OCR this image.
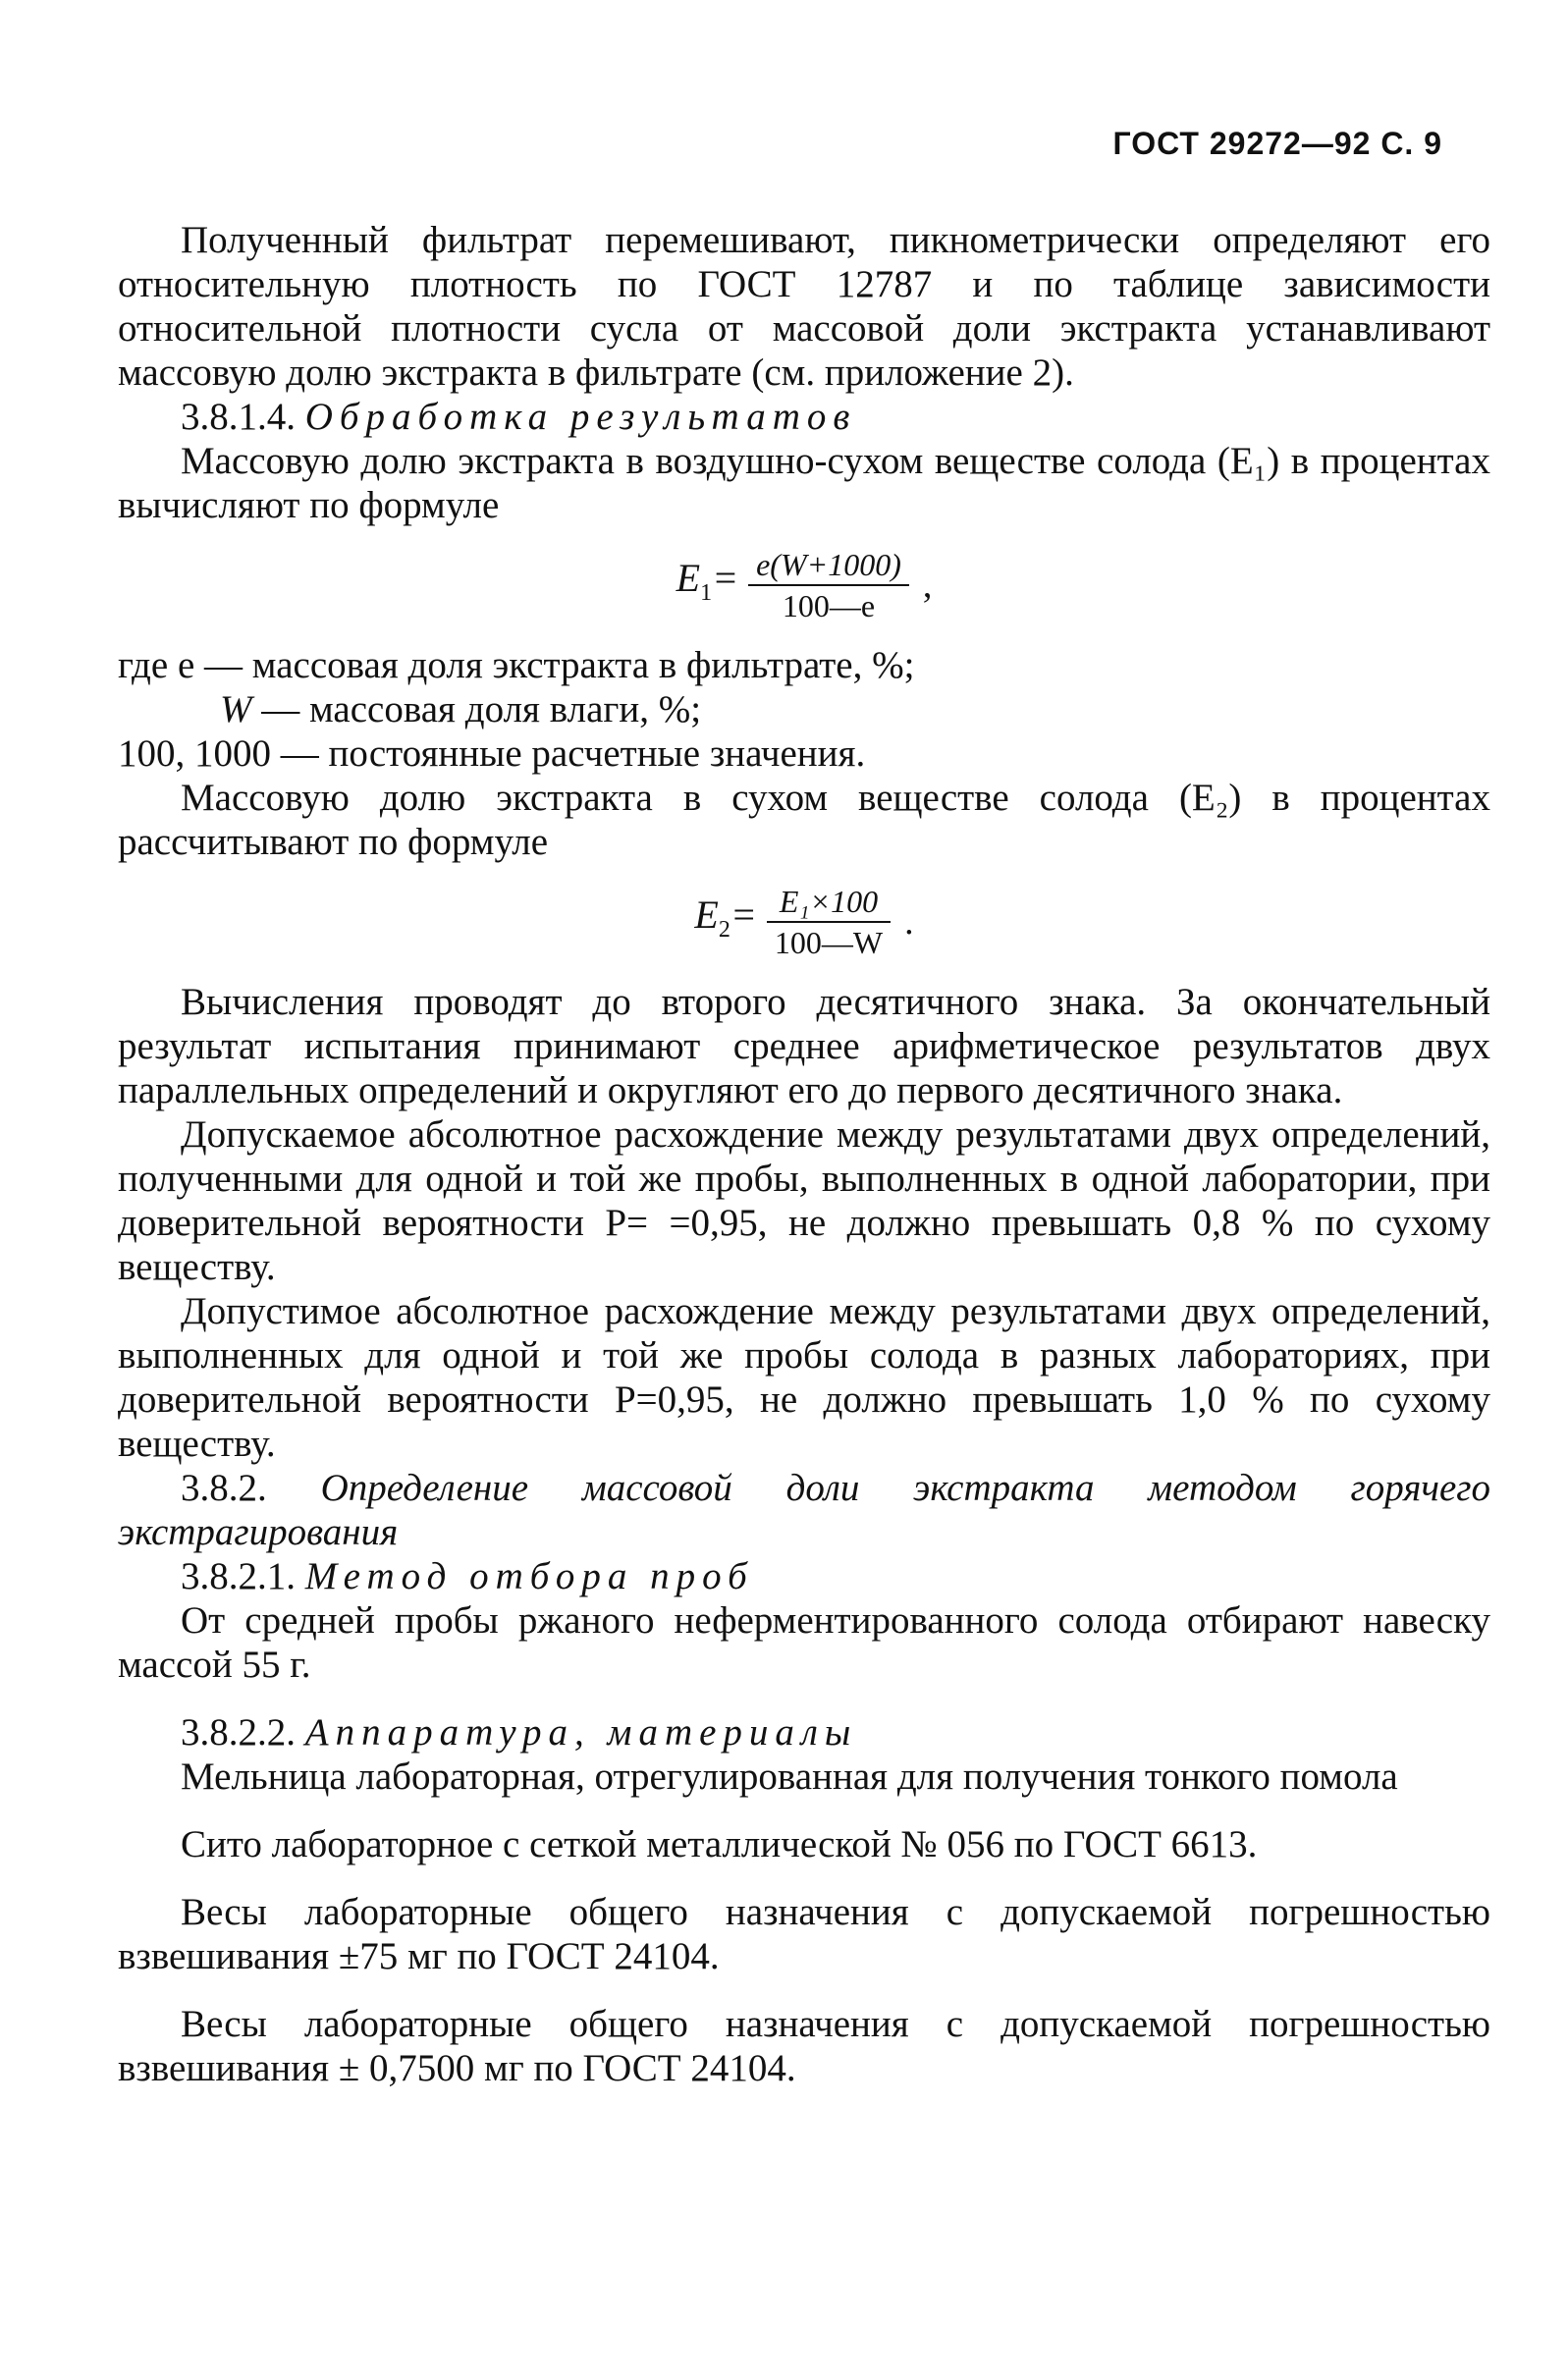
ГОСТ 29272—92 С. 9

Полученный фильтрат перемешивают, пикнометрически определяют его относительную плотность по ГОСТ 12787 и по таблице зависимости относительной плотности сусла от массовой доли экстракта устанавливают массовую долю экстракта в фильтрате (см. приложение 2).

3.8.1.4. Обработка результатов

Массовую долю экстракта в воздушно-сухом веществе солода (E₁) в процентах вычисляют по формуле

$E_1= \frac{e(W+1000)}{100—e}$ ,
где e — массовая доля экстракта в фильтрате, %;
W — массовая доля влаги, %;
100, 1000 — постоянные расчетные значения.

Массовую долю экстракта в сухом веществе солода (E₂) в процентах рассчитывают по формуле

$E_2= \frac{\text{E₁×100}}{100—W}$ .

Вычисления проводят до второго десятичного знака. За окончательный результат испытания принимают среднее арифметическое результатов двух параллельных определений и округляют его до первого десятичного знака.

Допускаемое абсолютное расхождение между результатами двух определений, полученными для одной и той же пробы, выполненных в одной лаборатории, при доверительной вероятности P= =0,95, не должно превышать 0,8 % по сухому веществу.

Допустимое абсолютное расхождение между результатами двух определений, выполненных для одной и той же пробы солода в разных лабораториях, при доверительной вероятности P=0,95, не должно превышать 1,0 % по сухому веществу.

3.8.2. Определение массовой доли экстракта методом горячего экстрагирования

3.8.2.1. Метод отбора проб

От средней пробы ржаного неферментированного солода отбирают навеску массой 55 г.

3.8.2.2. Аппаратура, материалы

Мельница лабораторная, отрегулированная для получения тонкого помола

Сито лабораторное с сеткой металлической № 056 по ГОСТ 6613.

Весы лабораторные общего назначения с допускаемой погрешностью взвешивания ±75 мг по ГОСТ 24104.

Весы лабораторные общего назначения с допускаемой погрешностью взвешивания ± 0,7500 мг по ГОСТ 24104.
